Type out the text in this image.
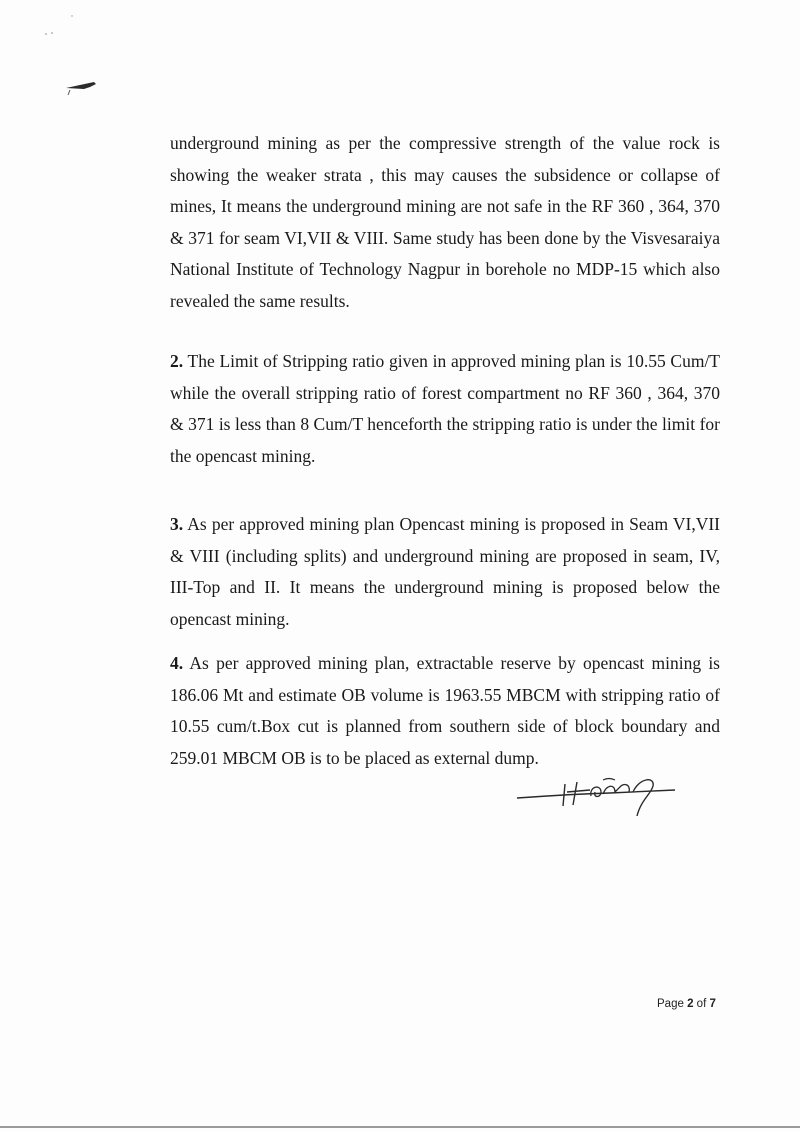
underground mining as per the compressive strength of the value rock is showing the weaker strata , this may causes the subsidence or collapse of mines, It means the underground mining are not safe in the RF 360 , 364, 370 & 371 for seam VI,VII & VIII. Same study has been done by the Visvesaraiya National Institute of Technology Nagpur in borehole no MDP-15 which also revealed the same results.

2. The Limit of Stripping ratio given in approved mining plan is 10.55 Cum/T while the overall stripping ratio of forest compartment no RF 360 , 364, 370 & 371 is less than 8 Cum/T henceforth the stripping ratio is under the limit for the opencast mining.

3. As per approved mining plan Opencast mining is proposed in Seam VI,VII & VIII (including splits) and underground mining are proposed in seam, IV, III-Top and II. It means the underground mining is proposed below the opencast mining.

4. As per approved mining plan, extractable reserve by opencast mining is 186.06 Mt and estimate OB volume is 1963.55 MBCM with stripping ratio of 10.55 cum/t.Box cut is planned from southern side of block boundary and 259.01 MBCM OB is to be placed as external dump.

Page 2 of 7
